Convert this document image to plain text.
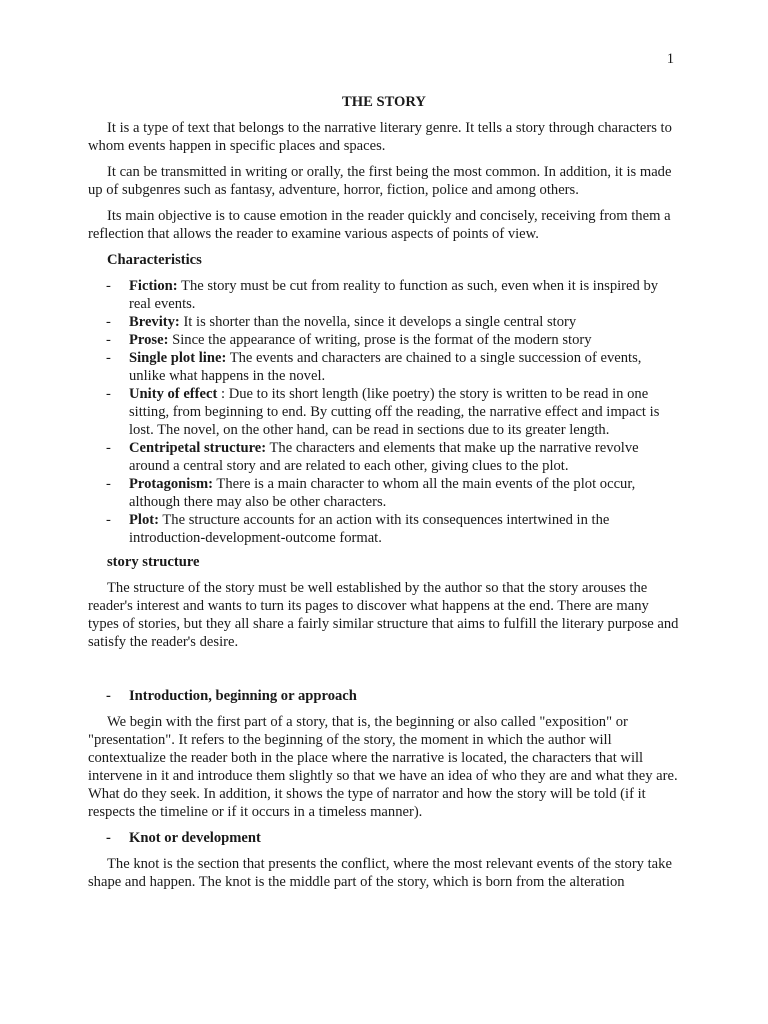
1
THE STORY

It is a type of text that belongs to the narrative literary genre. It tells a story through characters to whom events happen in specific places and spaces.

It can be transmitted in writing or orally, the first being the most common. In addition, it is made up of subgenres such as fantasy, adventure, horror, fiction, police and among others.

Its main objective is to cause emotion in the reader quickly and concisely, receiving from them a reflection that allows the reader to examine various aspects of points of view.

Characteristics
- Fiction: The story must be cut from reality to function as such, even when it is inspired by real events.
- Brevity: It is shorter than the novella, since it develops a single central story
- Prose: Since the appearance of writing, prose is the format of the modern story
- Single plot line: The events and characters are chained to a single succession of events, unlike what happens in the novel.
- Unity of effect : Due to its short length (like poetry) the story is written to be read in one sitting, from beginning to end. By cutting off the reading, the narrative effect and impact is lost. The novel, on the other hand, can be read in sections due to its greater length.
- Centripetal structure: The characters and elements that make up the narrative revolve around a central story and are related to each other, giving clues to the plot.
- Protagonism: There is a main character to whom all the main events of the plot occur, although there may also be other characters.
- Plot: The structure accounts for an action with its consequences intertwined in the introduction-development-outcome format.
story structure

The structure of the story must be well established by the author so that the story arouses the reader's interest and wants to turn its pages to discover what happens at the end. There are many types of stories, but they all share a fairly similar structure that aims to fulfill the literary purpose and satisfy the reader's desire.

- Introduction, beginning or approach

We begin with the first part of a story, that is, the beginning or also called "exposition" or "presentation". It refers to the beginning of the story, the moment in which the author will contextualize the reader both in the place where the narrative is located, the characters that will intervene in it and introduce them slightly so that we have an idea of who they are and what they are. What do they seek. In addition, it shows the type of narrator and how the story will be told (if it respects the timeline or if it occurs in a timeless manner).

- Knot or development

The knot is the section that presents the conflict, where the most relevant events of the story take shape and happen. The knot is the middle part of the story, which is born from the alteration
